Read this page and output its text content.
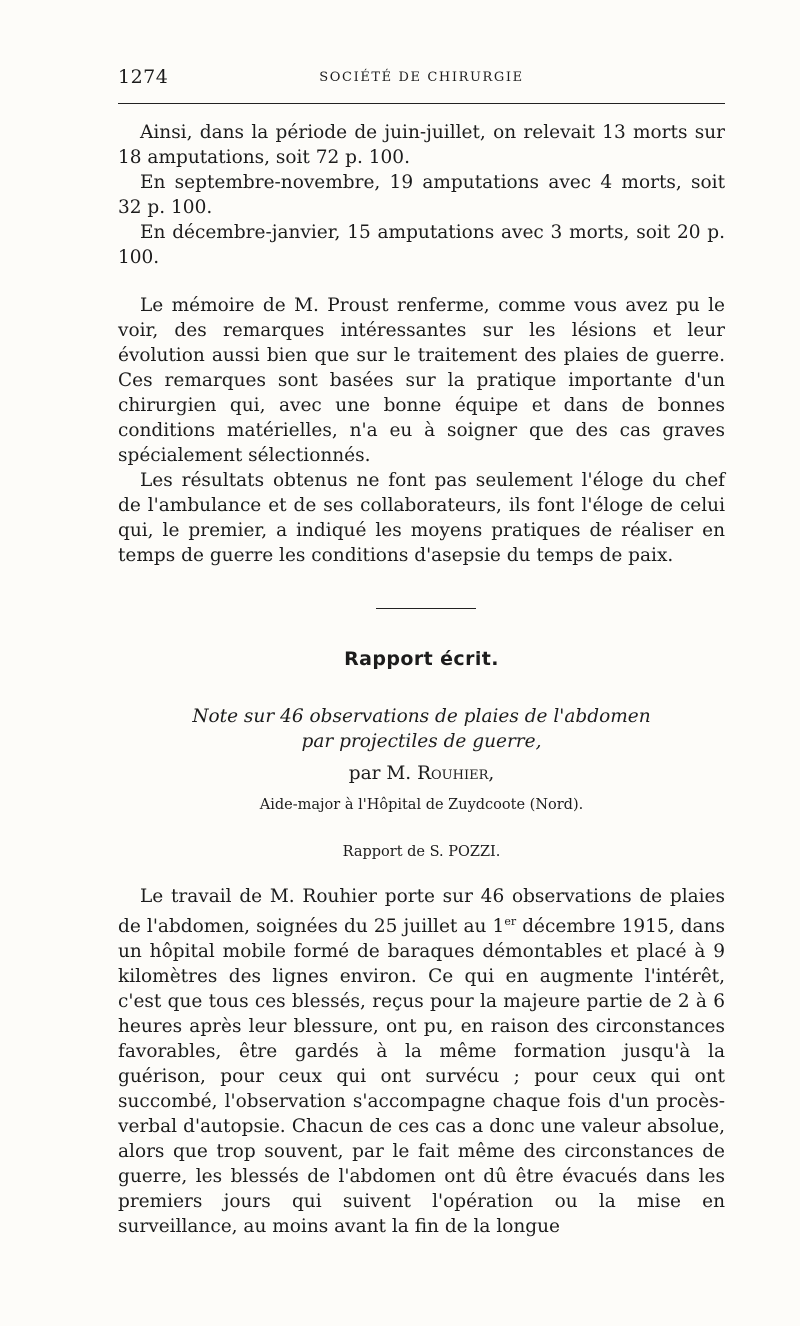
1274	SOCIÉTÉ DE CHIRURGIE

Ainsi, dans la période de juin-juillet, on relevait 13 morts sur 18 amputations, soit 72 p. 100.

En septembre-novembre, 19 amputations avec 4 morts, soit 32 p. 100.

En décembre-janvier, 15 amputations avec 3 morts, soit 20 p. 100.

Le mémoire de M. Proust renferme, comme vous avez pu le voir, des remarques intéressantes sur les lésions et leur évolution aussi bien que sur le traitement des plaies de guerre. Ces remarques sont basées sur la pratique importante d'un chirurgien qui, avec une bonne équipe et dans de bonnes conditions matérielles, n'a eu à soigner que des cas graves spécialement sélectionnés.

Les résultats obtenus ne font pas seulement l'éloge du chef de l'ambulance et de ses collaborateurs, ils font l'éloge de celui qui, le premier, a indiqué les moyens pratiques de réaliser en temps de guerre les conditions d'asepsie du temps de paix.

Rapport écrit.
Note sur 46 observations de plaies de l'abdomen
par projectiles de guerre,
par M. Rouhier,
Aide-major à l'Hôpital de Zuydcoote (Nord).
Rapport de S. POZZI.

Le travail de M. Rouhier porte sur 46 observations de plaies de l'abdomen, soignées du 25 juillet au 1er décembre 1915, dans un hôpital mobile formé de baraques démontables et placé à 9 kilomètres des lignes environ. Ce qui en augmente l'intérêt, c'est que tous ces blessés, reçus pour la majeure partie de 2 à 6 heures après leur blessure, ont pu, en raison des circonstances favorables, être gardés à la même formation jusqu'à la guérison, pour ceux qui ont survécu ; pour ceux qui ont succombé, l'observation s'accompagne chaque fois d'un procès-verbal d'autopsie. Chacun de ces cas a donc une valeur absolue, alors que trop souvent, par le fait même des circonstances de guerre, les blessés de l'abdomen ont dû être évacués dans les premiers jours qui suivent l'opération ou la mise en surveillance, au moins avant la fin de la longue
